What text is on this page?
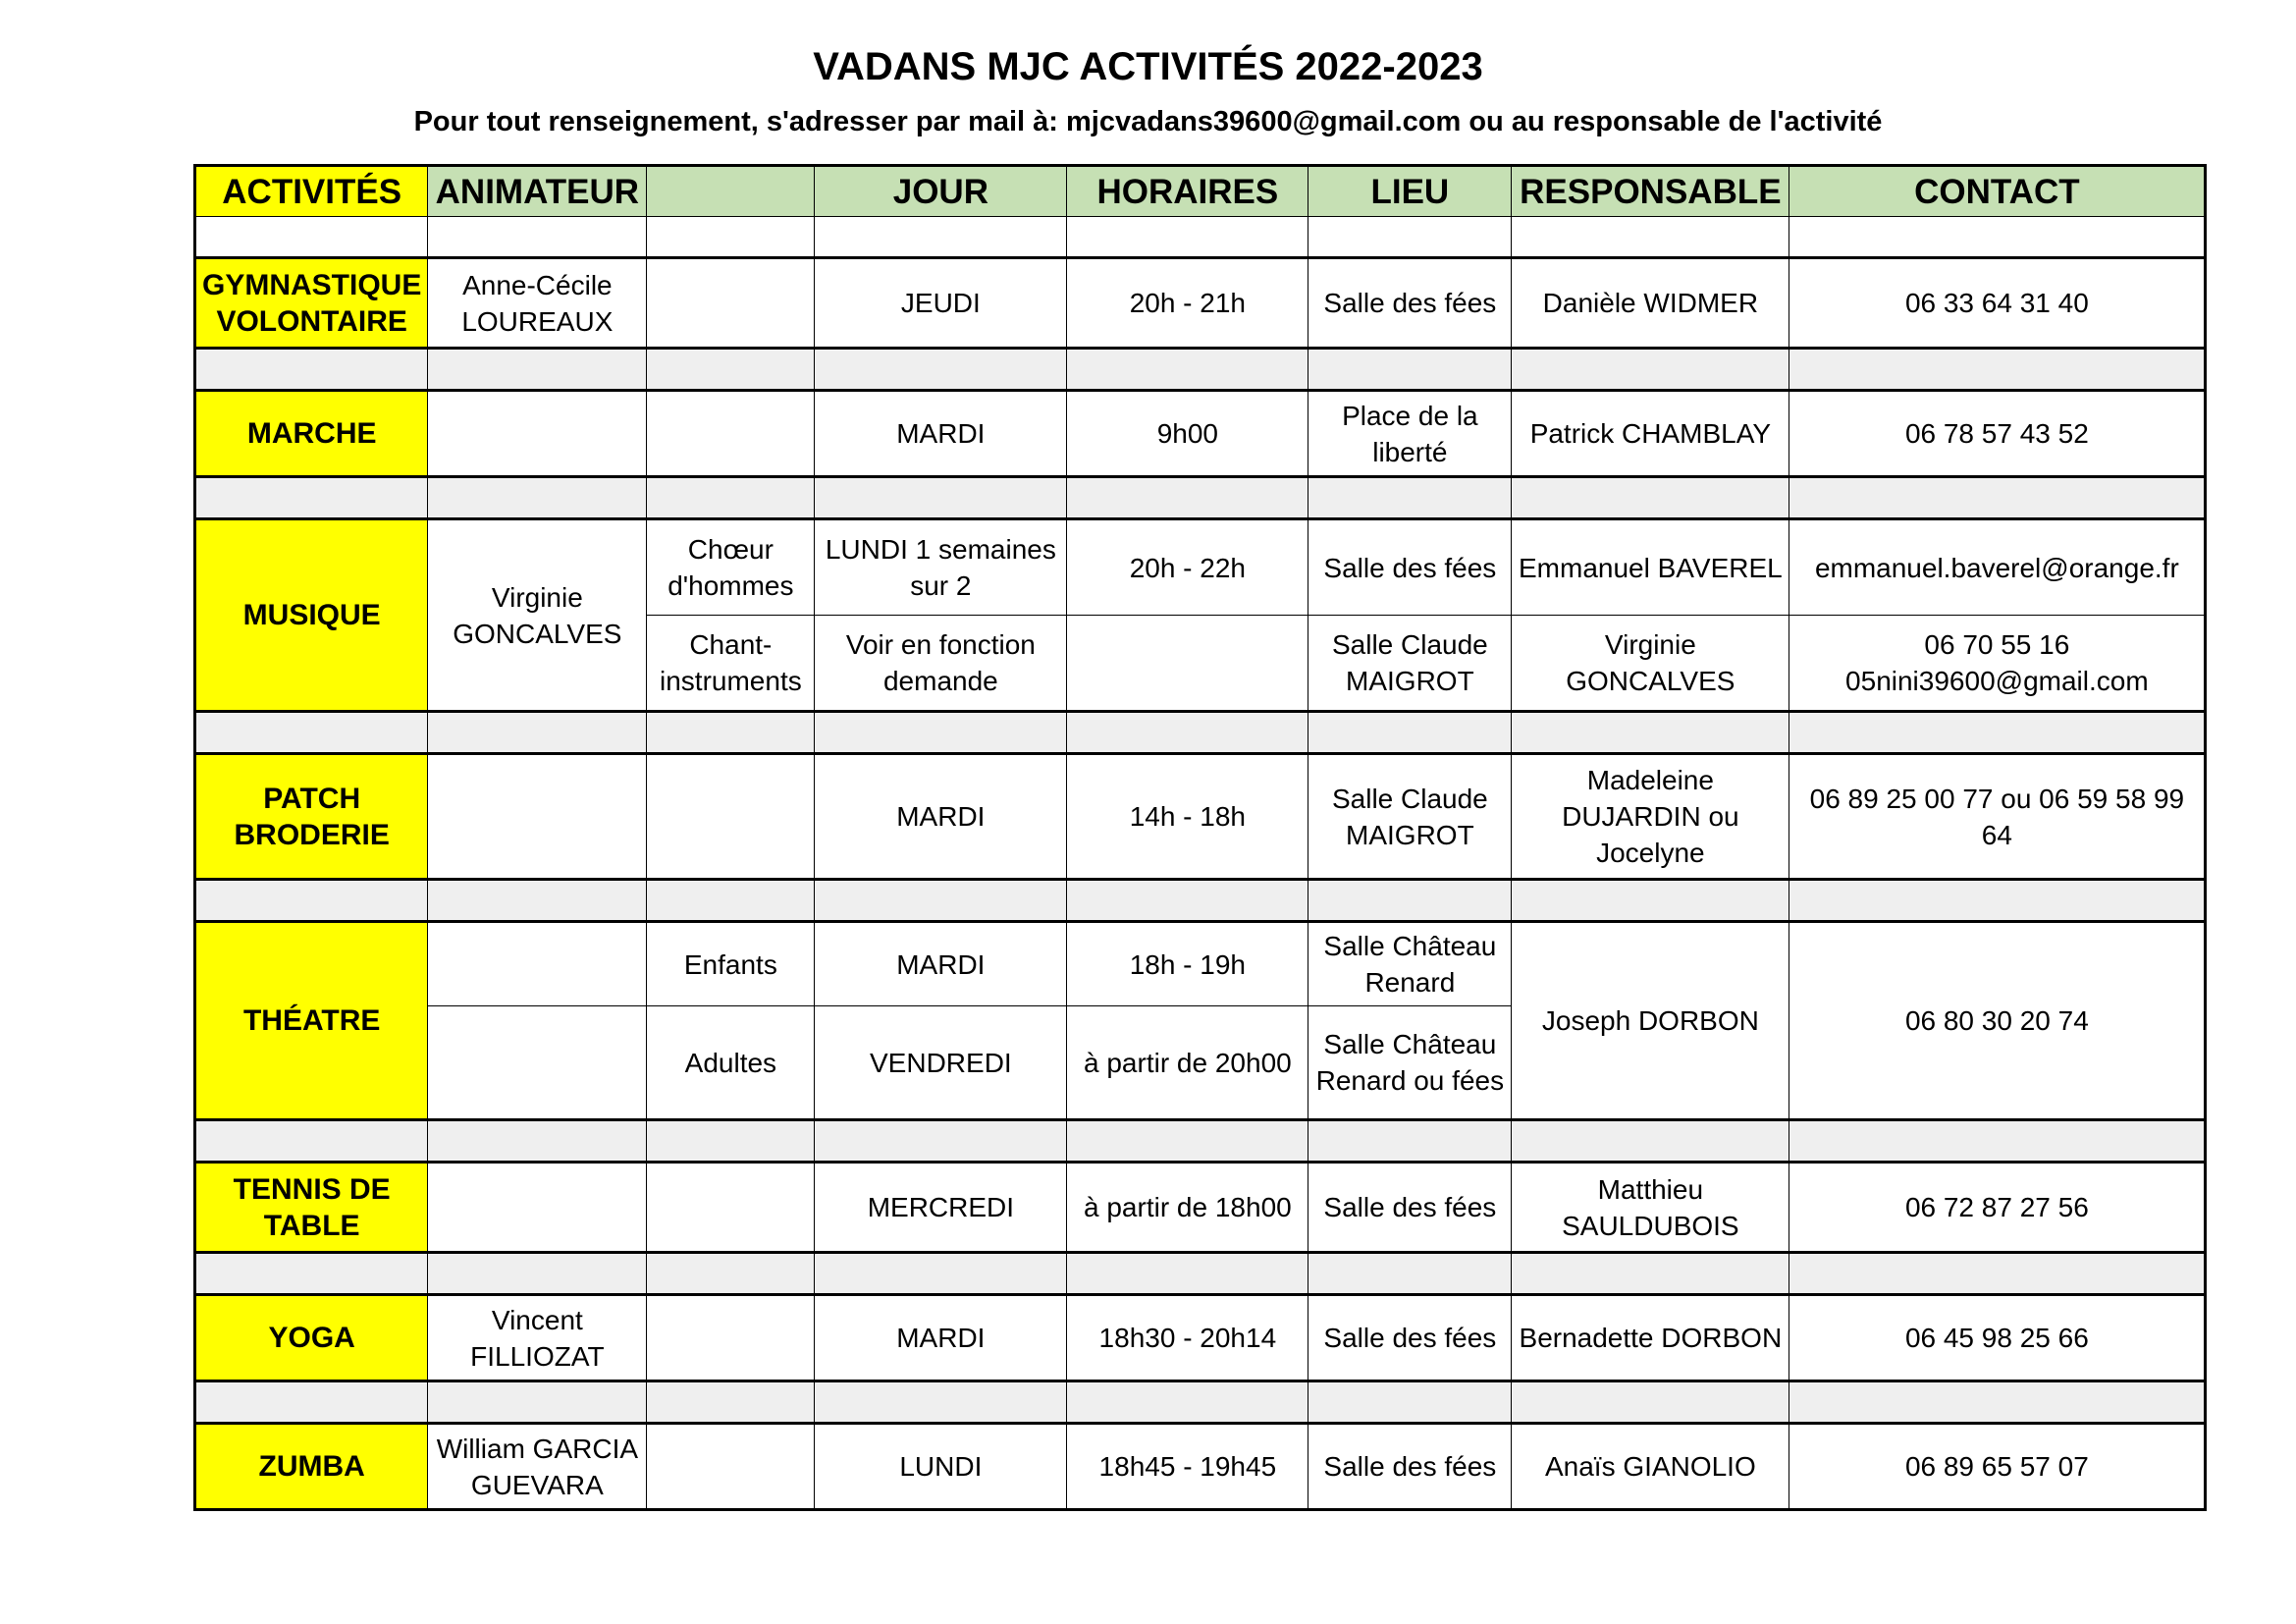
VADANS MJC ACTIVITÉS 2022-2023
Pour tout renseignement, s'adresser par mail à: mjcvadans39600@gmail.com ou au responsable de l'activité
ACTIVITÉS	ANIMATEUR		JOUR	HORAIRES	LIEU	RESPONSABLE	CONTACT

GYMNASTIQUE VOLONTAIRE	Anne-Cécile LOUREAUX		JEUDI	20h - 21h	Salle des fées	Danièle WIDMER	06 33 64 31 40

MARCHE			MARDI	9h00	Place de la liberté	Patrick CHAMBLAY	06 78 57 43 52

MUSIQUE	Virginie GONCALVES	Chœur d'hommes	LUNDI 1 semaines sur 2	20h - 22h	Salle des fées	Emmanuel BAVEREL	emmanuel.baverel@orange.fr
		Chant-instruments	Voir en fonction demande		Salle Claude MAIGROT	Virginie GONCALVES	06 70 55 16
05nini39600@gmail.com

PATCH BRODERIE			MARDI	14h - 18h	Salle Claude MAIGROT	Madeleine DUJARDIN ou Jocelyne	06 89 25 00 77 ou 06 59 58 99 64

THÉATRE		Enfants	MARDI	18h - 19h	Salle Château Renard	Joseph DORBON	06 80 30 20 74
		Adultes	VENDREDI	à partir de 20h00	Salle Château Renard ou fées		

TENNIS DE TABLE			MERCREDI	à partir de 18h00	Salle des fées	Matthieu SAULDUBOIS	06 72 87 27 56

YOGA	Vincent FILLIOZAT		MARDI	18h30 - 20h14	Salle des fées	Bernadette DORBON	06 45 98 25 66

ZUMBA	William GARCIA GUEVARA		LUNDI	18h45 - 19h45	Salle des fées	Anaïs GIANOLIO	06 89 65 57 07
